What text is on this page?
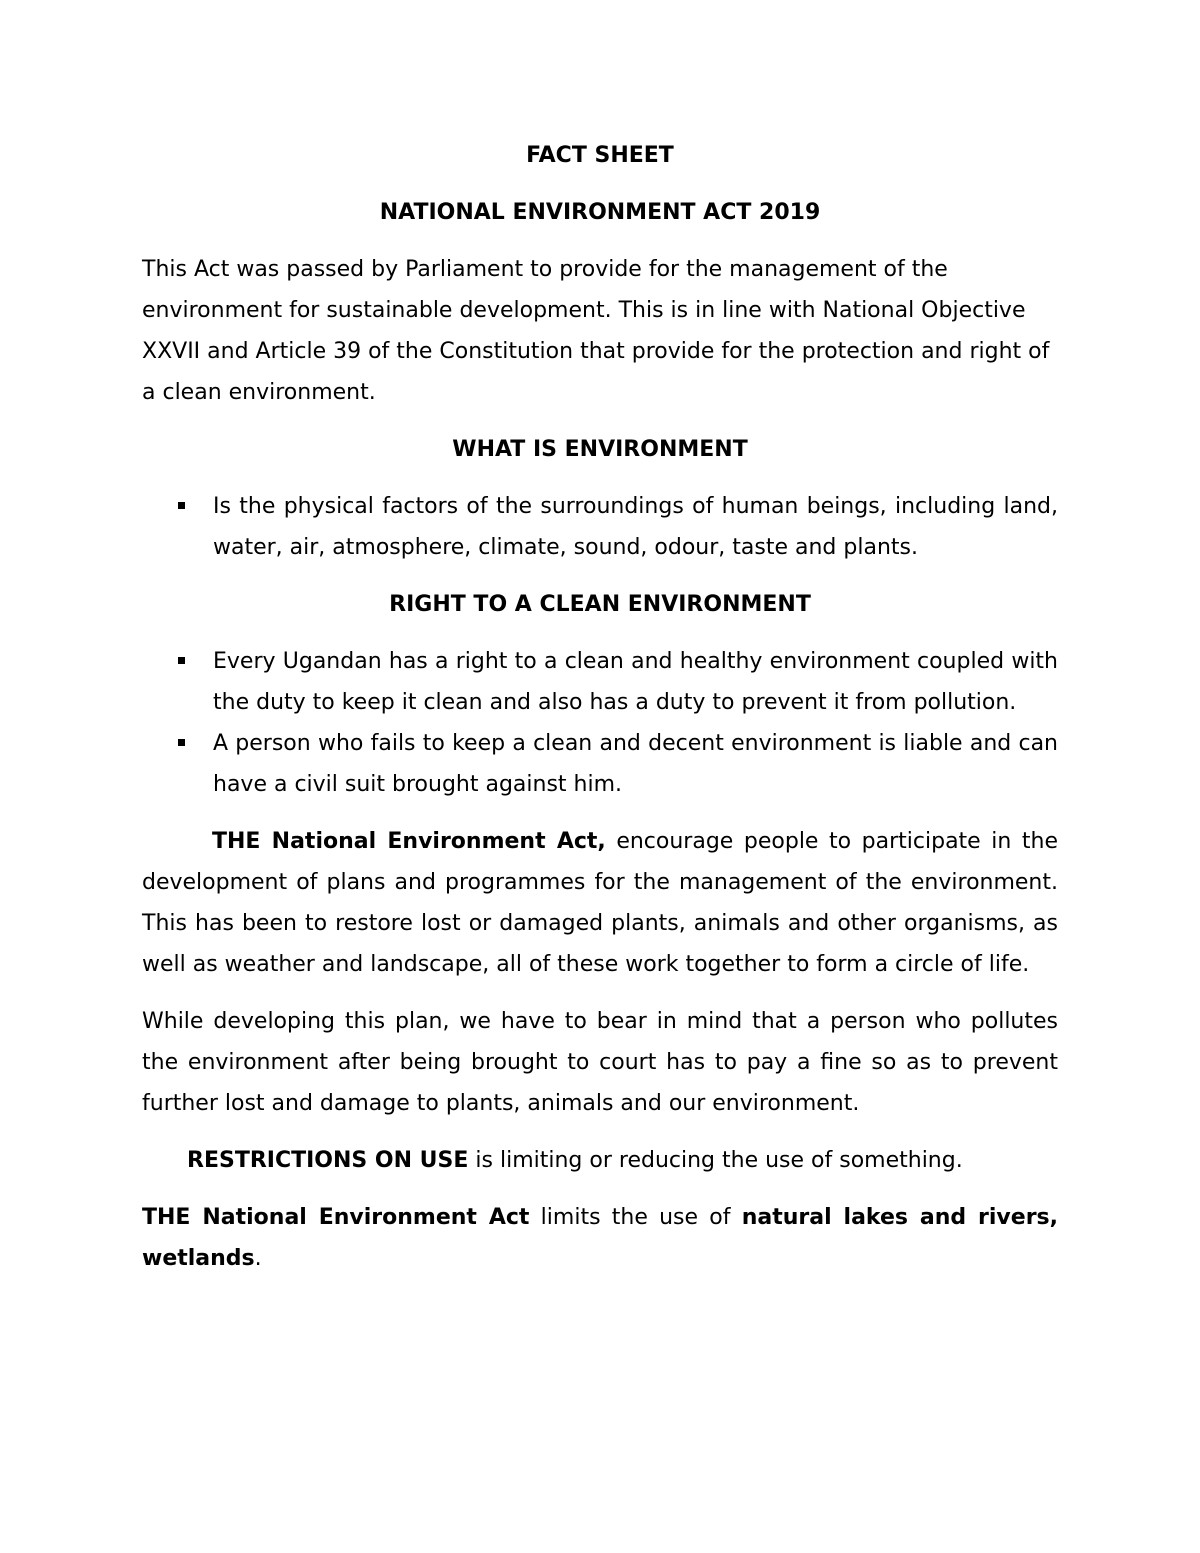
FACT SHEET

NATIONAL ENVIRONMENT ACT 2019

This Act was passed by Parliament to provide for the management of the environment for sustainable development. This is in line with National Objective XXVII and Article 39 of the Constitution that provide for the protection and right of a clean environment.

WHAT IS ENVIRONMENT

Is the physical factors of the surroundings of human beings, including land, water, air, atmosphere, climate, sound, odour, taste and plants.

RIGHT TO A CLEAN ENVIRONMENT

Every Ugandan has a right to a clean and healthy environment coupled with the duty to keep it clean and also has a duty to prevent it from pollution.
A person who fails to keep a clean and decent environment is liable and can have a civil suit brought against him.

THE National Environment Act, encourage people to participate in the development of plans and programmes for the management of the environment. This has been to restore lost or damaged plants, animals and other organisms, as well as weather and landscape, all of these work together to form a circle of life.

While developing this plan, we have to bear in mind that a person who pollutes the environment after being brought to court has to pay a fine so as to prevent further lost and damage to plants, animals and our environment.

RESTRICTIONS ON USE is limiting or reducing the use of something.

THE National Environment Act limits the use of natural lakes and rivers, wetlands.
